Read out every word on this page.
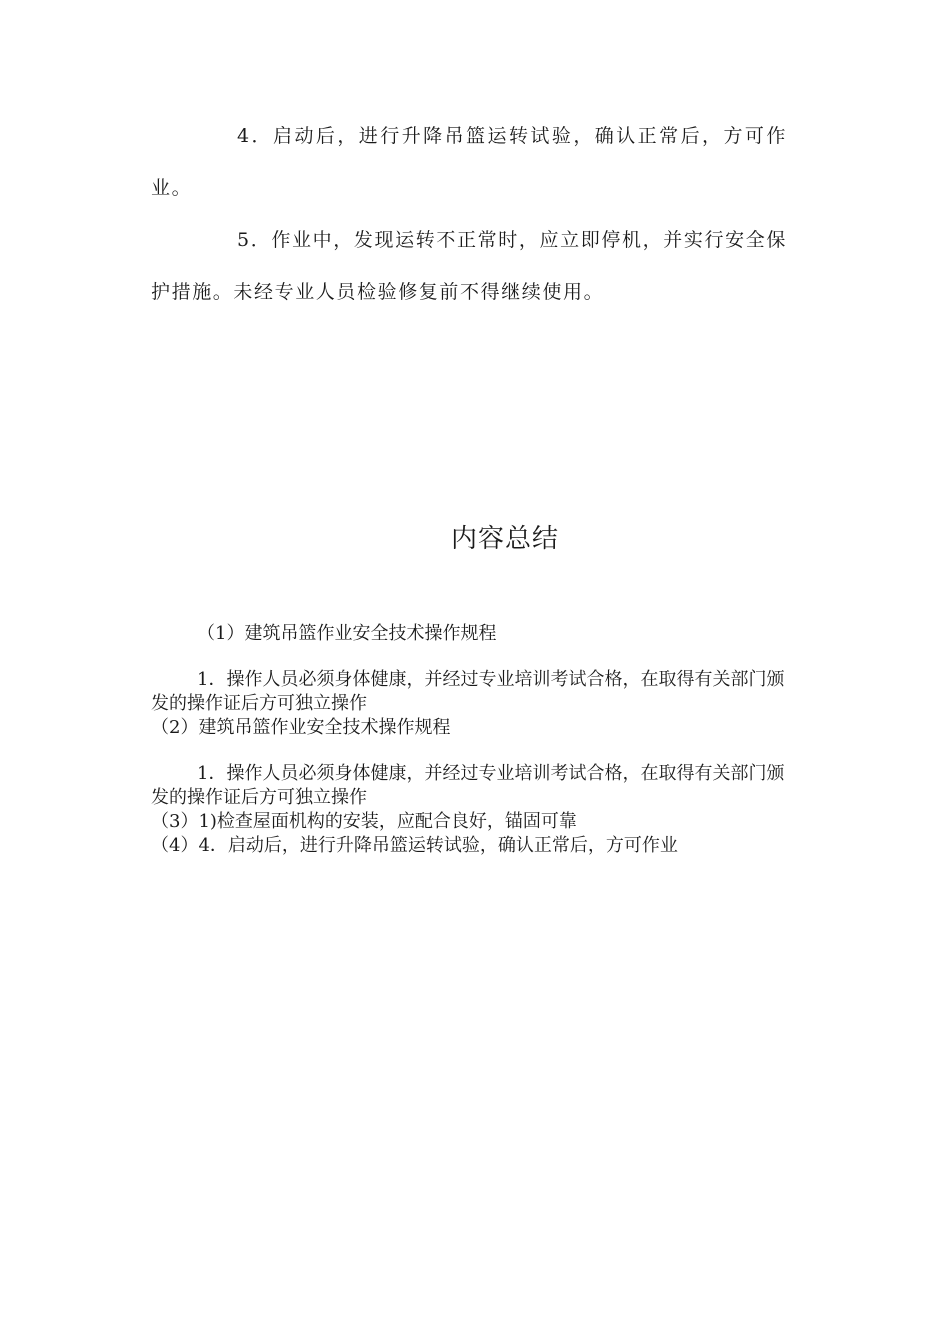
4．启动后，进行升降吊篮运转试验，确认正常后，方可作业。

5．作业中，发现运转不正常时，应立即停机，并实行安全保护措施。未经专业人员检验修复前不得继续使用。

内容总结

（1）建筑吊篮作业安全技术操作规程

1．操作人员必须身体健康，并经过专业培训考试合格，在取得有关部门颁发的操作证后方可独立操作

（2）建筑吊篮作业安全技术操作规程

1．操作人员必须身体健康，并经过专业培训考试合格，在取得有关部门颁发的操作证后方可独立操作

（3）1)检查屋面机构的安装，应配合良好，锚固可靠

（4）4．启动后，进行升降吊篮运转试验，确认正常后，方可作业
